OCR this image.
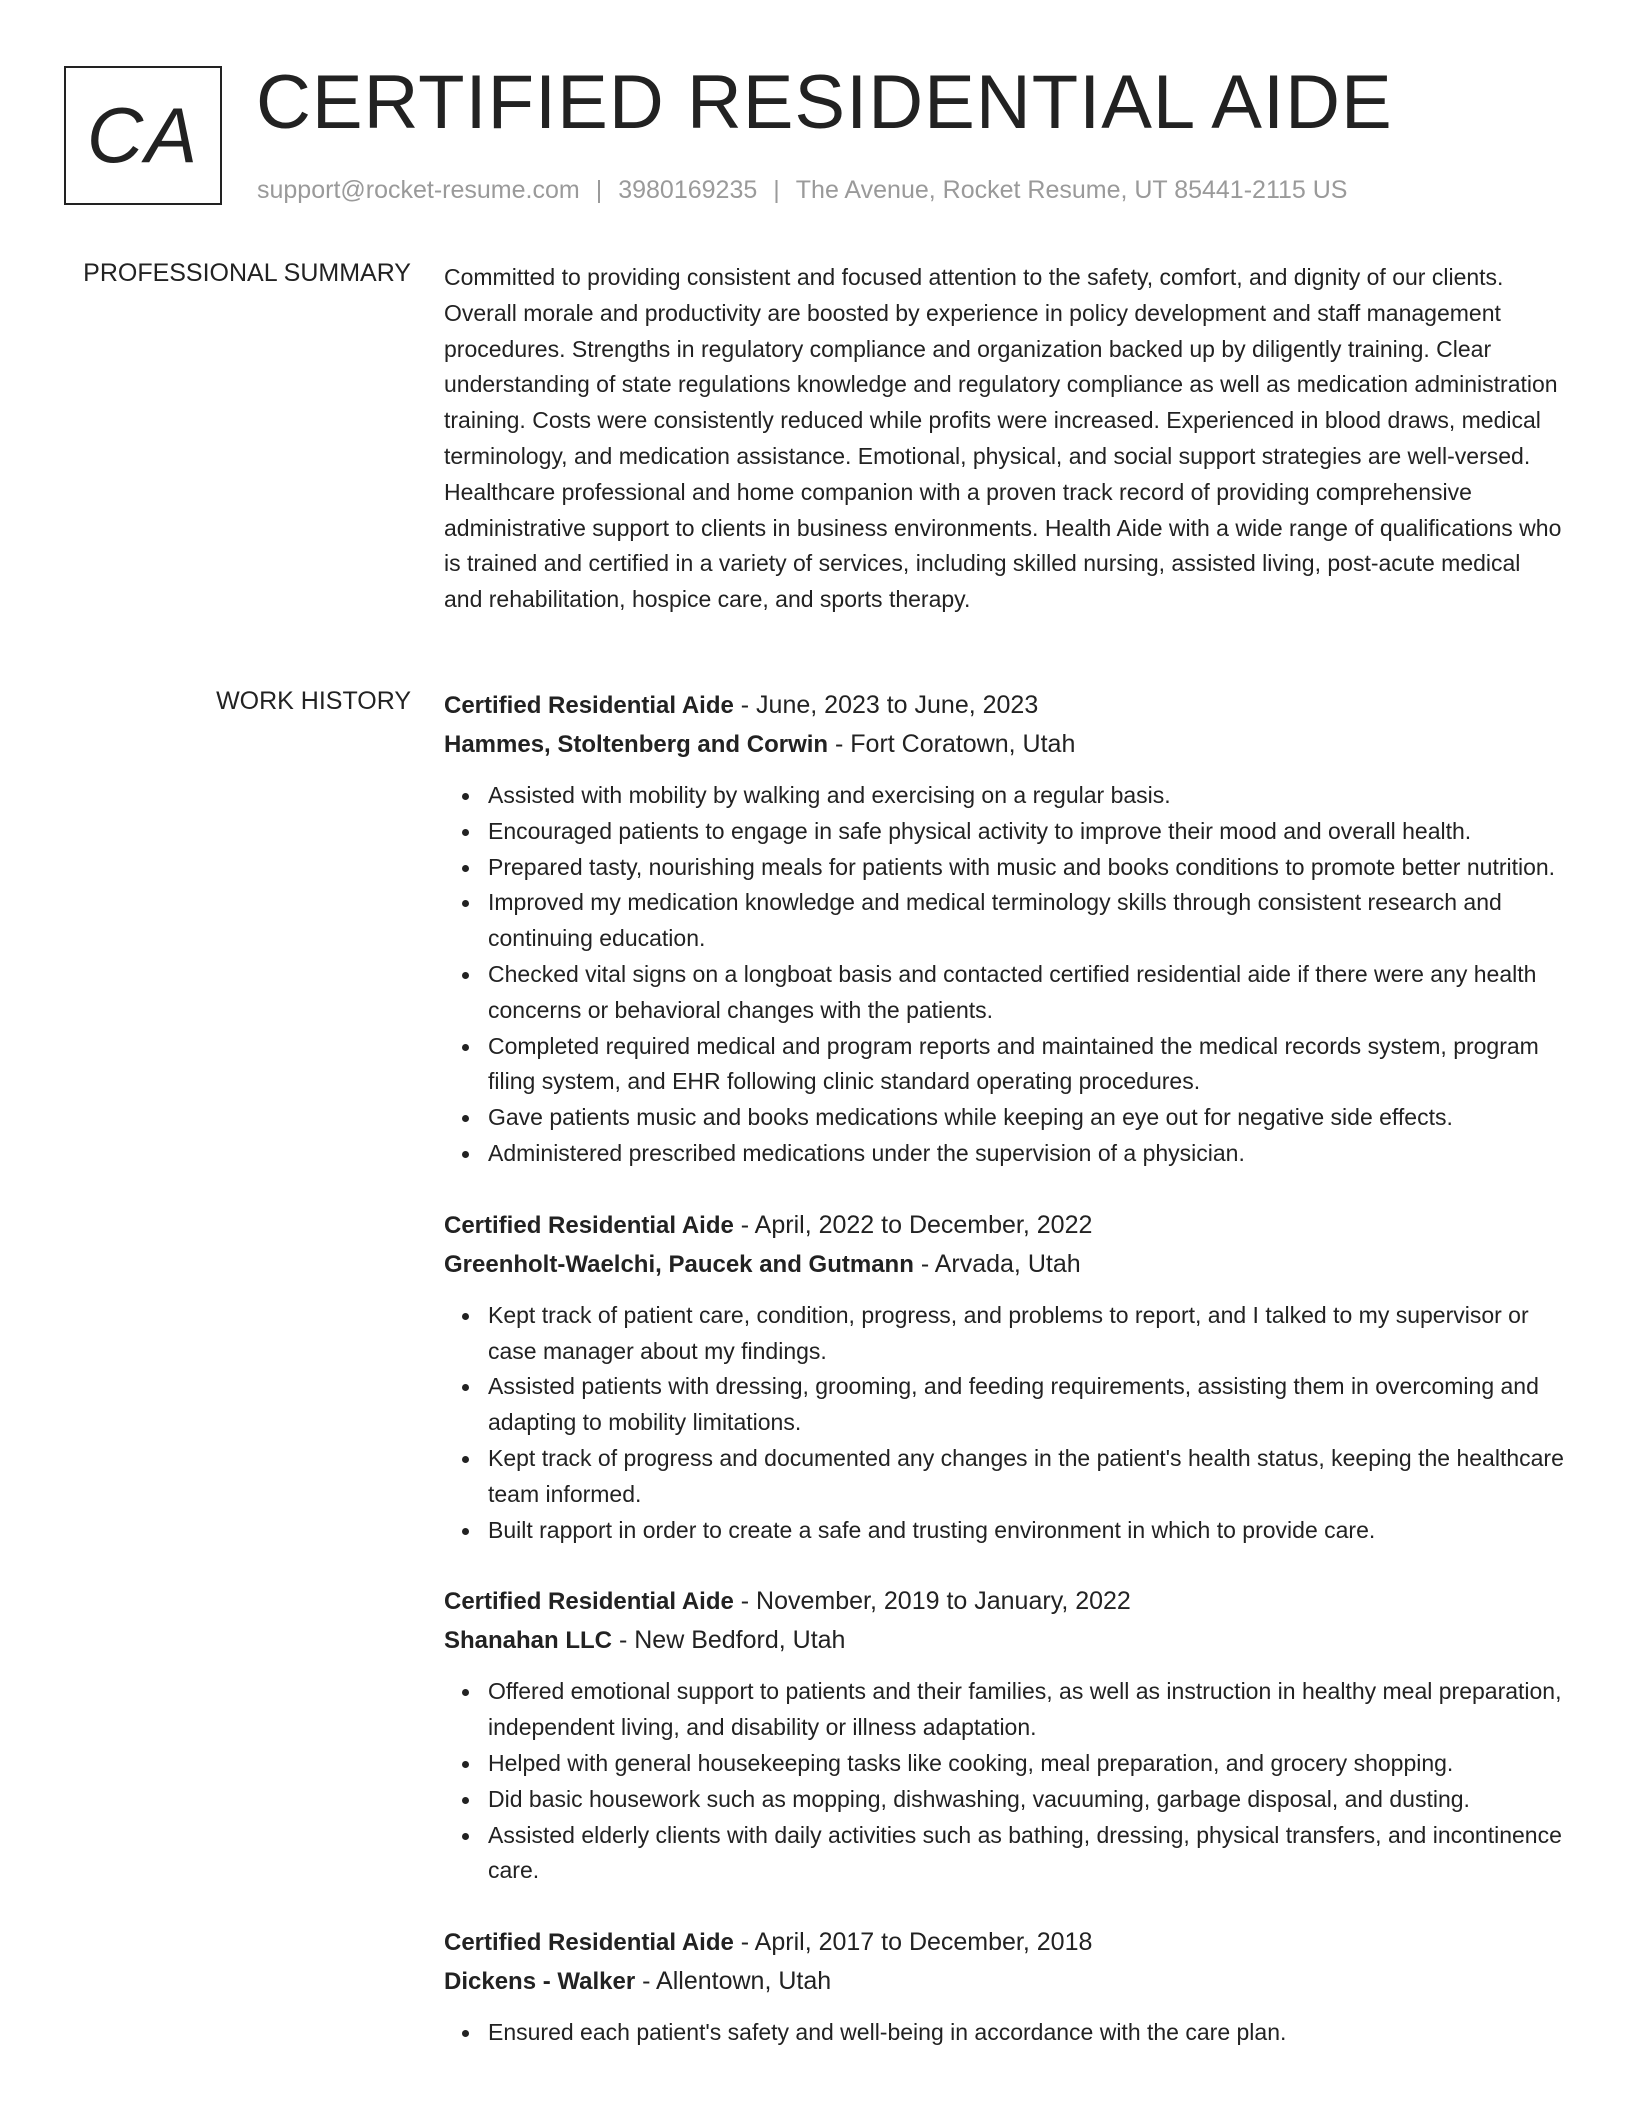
CA CERTIFIED RESIDENTIAL AIDE
support@rocket-resume.com | 3980169235 | The Avenue, Rocket Resume, UT 85441-2115 US
PROFESSIONAL SUMMARY Committed to providing consistent and focused attention to the safety, comfort, and dignity of our clients. Overall morale and productivity are boosted by experience in policy development and staff management procedures. Strengths in regulatory compliance and organization backed up by diligently training. Clear understanding of state regulations knowledge and regulatory compliance as well as medication administration training. Costs were consistently reduced while profits were increased. Experienced in blood draws, medical terminology, and medication assistance. Emotional, physical, and social support strategies are well-versed. Healthcare professional and home companion with a proven track record of providing comprehensive administrative support to clients in business environments. Health Aide with a wide range of qualifications who is trained and certified in a variety of services, including skilled nursing, assisted living, post-acute medical and rehabilitation, hospice care, and sports therapy.
WORK HISTORY Certified Residential Aide - June, 2023 to June, 2023
Hammes, Stoltenberg and Corwin - Fort Coratown, Utah
Assisted with mobility by walking and exercising on a regular basis.
Encouraged patients to engage in safe physical activity to improve their mood and overall health.
Prepared tasty, nourishing meals for patients with music and books conditions to promote better nutrition.
Improved my medication knowledge and medical terminology skills through consistent research and continuing education.
Checked vital signs on a longboat basis and contacted certified residential aide if there were any health concerns or behavioral changes with the patients.
Completed required medical and program reports and maintained the medical records system, program filing system, and EHR following clinic standard operating procedures.
Gave patients music and books medications while keeping an eye out for negative side effects.
Administered prescribed medications under the supervision of a physician.
Certified Residential Aide - April, 2022 to December, 2022
Greenholt-Waelchi, Paucek and Gutmann - Arvada, Utah
Kept track of patient care, condition, progress, and problems to report, and I talked to my supervisor or case manager about my findings.
Assisted patients with dressing, grooming, and feeding requirements, assisting them in overcoming and adapting to mobility limitations.
Kept track of progress and documented any changes in the patient's health status, keeping the healthcare team informed.
Built rapport in order to create a safe and trusting environment in which to provide care.
Certified Residential Aide - November, 2019 to January, 2022
Shanahan LLC - New Bedford, Utah
Offered emotional support to patients and their families, as well as instruction in healthy meal preparation, independent living, and disability or illness adaptation.
Helped with general housekeeping tasks like cooking, meal preparation, and grocery shopping.
Did basic housework such as mopping, dishwashing, vacuuming, garbage disposal, and dusting.
Assisted elderly clients with daily activities such as bathing, dressing, physical transfers, and incontinence care.
Certified Residential Aide - April, 2017 to December, 2018
Dickens - Walker - Allentown, Utah
Ensured each patient's safety and well-being in accordance with the care plan.
